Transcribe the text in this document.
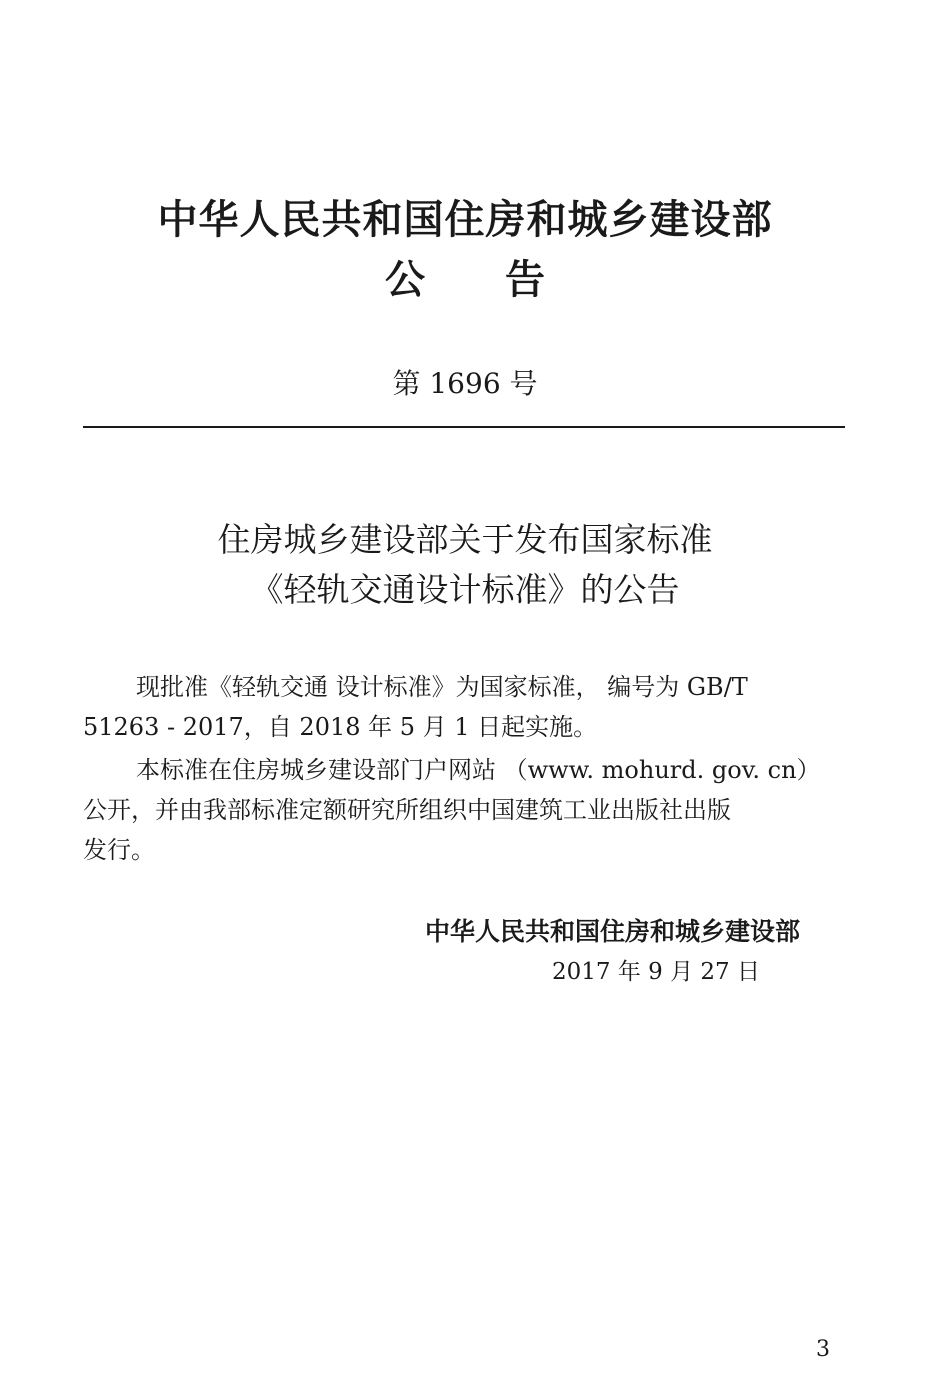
中华人民共和国住房和城乡建设部
公告
第 1696 号
住房城乡建设部关于发布国家标准
《轻轨交通设计标准》的公告
现批准《轻轨交通 设计标准》为国家标准， 编号为 GB/T
51263 - 2017，自 2018 年 5 月 1 日起实施。
本标准在住房城乡建设部门户网站 （www. mohurd. gov. cn）
公开，并由我部标准定额研究所组织中国建筑工业出版社出版
发行。
中华人民共和国住房和城乡建设部
2017 年 9 月 27 日
3
